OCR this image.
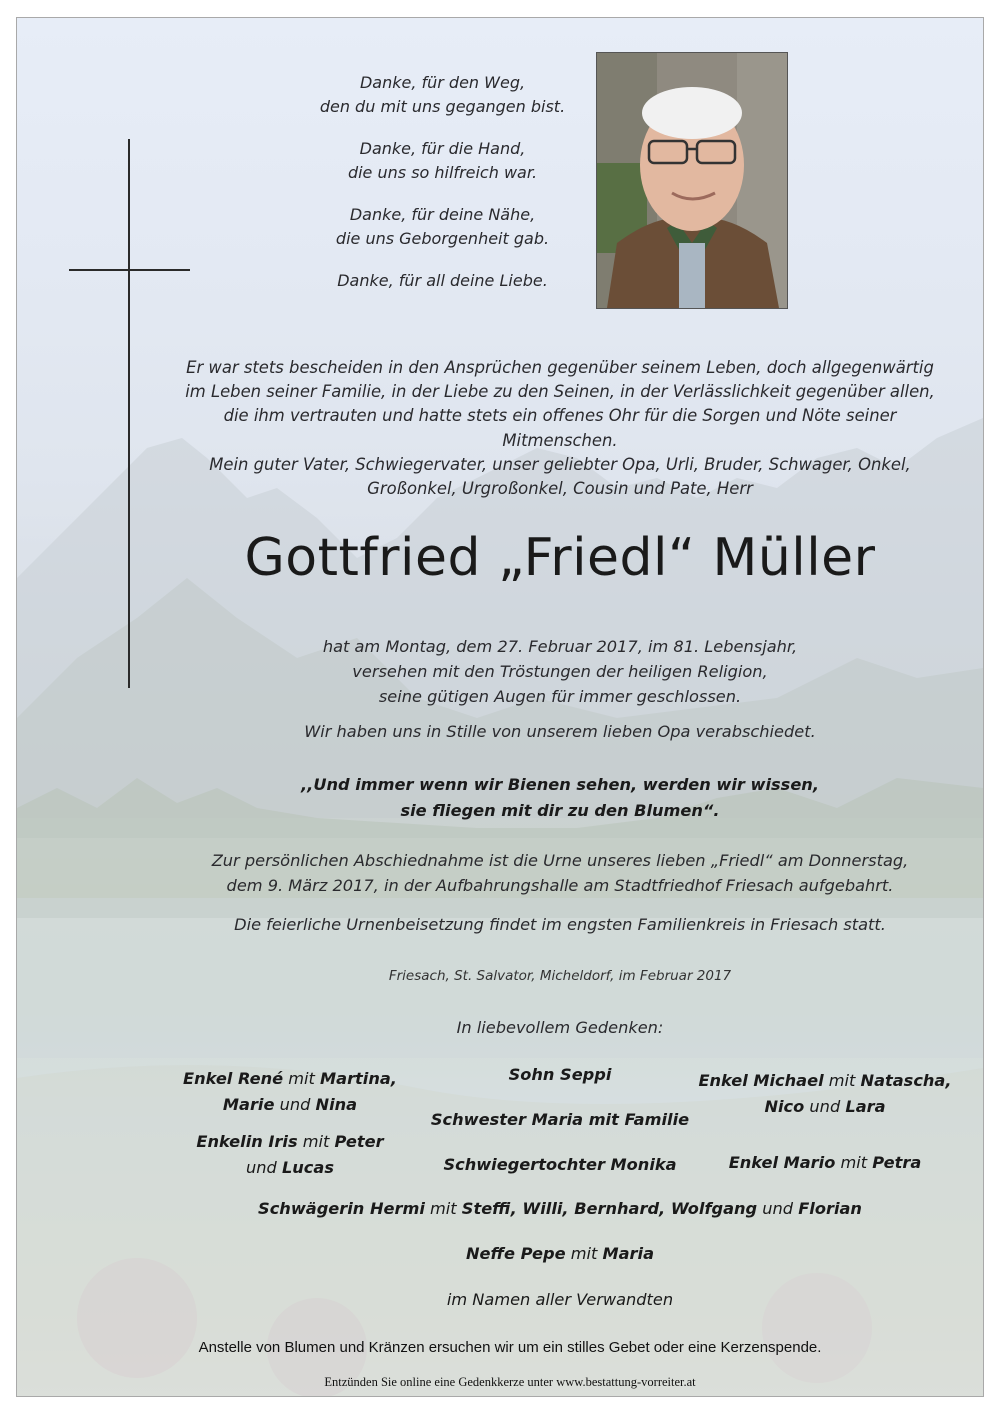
Danke, für den Weg,
den du mit uns gegangen bist.
Danke, für die Hand,
die uns so hilfreich war.
Danke, für deine Nähe,
die uns Geborgenheit gab.
Danke, für all deine Liebe.
Er war stets bescheiden in den Ansprüchen gegenüber seinem Leben, doch allgegenwärtig
im Leben seiner Familie, in der Liebe zu den Seinen, in der Verlässlichkeit gegenüber allen,
die ihm vertrauten und hatte stets ein offenes Ohr für die Sorgen und Nöte seiner Mitmenschen.
Mein guter Vater, Schwiegervater, unser geliebter Opa, Urli, Bruder, Schwager, Onkel,
Großonkel, Urgroßonkel, Cousin und Pate, Herr
Gottfried „Friedl“ Müller
hat am Montag, dem 27. Februar 2017, im 81. Lebensjahr,
versehen mit den Tröstungen der heiligen Religion,
seine gütigen Augen für immer geschlossen.
Wir haben uns in Stille von unserem lieben Opa verabschiedet.
,,Und immer wenn wir Bienen sehen, werden wir wissen,
sie fliegen mit dir zu den Blumen“.
Zur persönlichen Abschiednahme ist die Urne unseres lieben „Friedl“ am Donnerstag,
dem 9. März 2017, in der Aufbahrungshalle am Stadtfriedhof Friesach aufgebahrt.
Die feierliche Urnenbeisetzung findet im engsten Familienkreis in Friesach statt.
Friesach, St. Salvator, Micheldorf, im Februar 2017
In liebevollem Gedenken:
Enkel René mit Martina,
Marie und Nina
Enkelin Iris mit Peter
und Lucas
Sohn Seppi
Schwester Maria mit Familie
Schwiegertochter Monika
Enkel Michael mit Natascha,
Nico und Lara
Enkel Mario mit Petra
Schwägerin Hermi mit Steffi, Willi, Bernhard, Wolfgang und Florian
Neffe Pepe mit Maria
im Namen aller Verwandten
Anstelle von Blumen und Kränzen ersuchen wir um ein stilles Gebet oder eine Kerzenspende.
Entzünden Sie online eine Gedenkkerze unter www.bestattung-vorreiter.at
